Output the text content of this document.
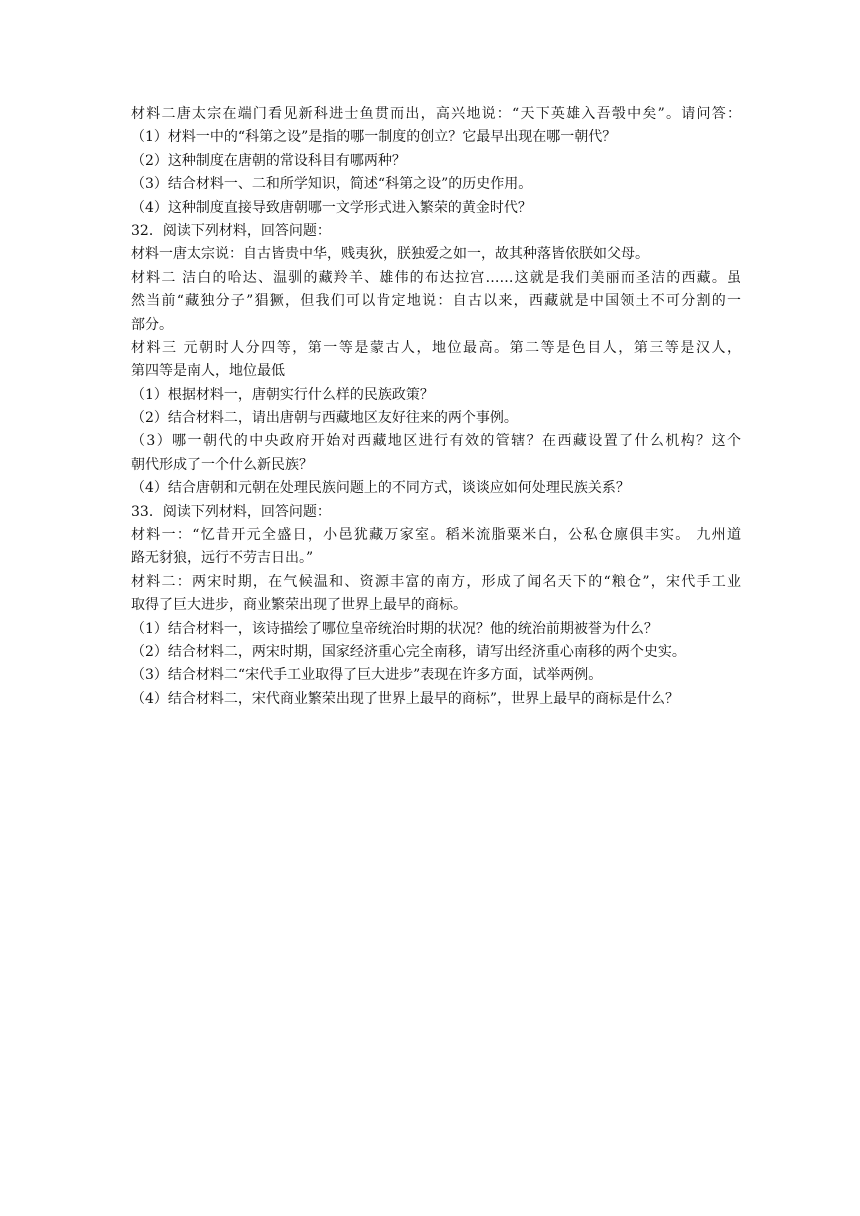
材料二唐太宗在端门看见新科进士鱼贯而出，高兴地说：“天下英雄入吾彀中矣”。请问答：
（1）材料一中的“科第之设”是指的哪一制度的创立？它最早出现在哪一朝代？
（2）这种制度在唐朝的常设科目有哪两种？
（3）结合材料一、二和所学知识，简述“科第之设”的历史作用。
（4）这种制度直接导致唐朝哪一文学形式进入繁荣的黄金时代？
32．阅读下列材料，回答问题：
材料一唐太宗说：自古皆贵中华，贱夷狄，朕独爱之如一，故其种落皆依朕如父母。
材料二 洁白的哈达、温驯的藏羚羊、雄伟的布达拉宫……这就是我们美丽而圣洁的西藏。虽
然当前“藏独分子”猖獗，但我们可以肯定地说：自古以来，西藏就是中国领土不可分割的一
部分。
材料三 元朝时人分四等，第一等是蒙古人，地位最高。第二等是色目人，第三等是汉人，
第四等是南人，地位最低
（1）根据材料一，唐朝实行什么样的民族政策？
（2）结合材料二，请出唐朝与西藏地区友好往来的两个事例。
（3）哪一朝代的中央政府开始对西藏地区进行有效的管辖？在西藏设置了什么机构？这个
朝代形成了一个什么新民族？
（4）结合唐朝和元朝在处理民族问题上的不同方式，谈谈应如何处理民族关系？
33．阅读下列材料，回答问题：
材料一：“忆昔开元全盛日，小邑犹藏万家室。稻米流脂粟米白，公私仓廪俱丰实。 九州道
路无豺狼，远行不劳吉日出。”
材料二：两宋时期，在气候温和、资源丰富的南方，形成了闻名天下的“粮仓”，宋代手工业
取得了巨大进步，商业繁荣出现了世界上最早的商标。
（1）结合材料一，该诗描绘了哪位皇帝统治时期的状况？他的统治前期被誉为什么？
（2）结合材料二，两宋时期，国家经济重心完全南移，请写出经济重心南移的两个史实。
（3）结合材料二“宋代手工业取得了巨大进步”表现在许多方面，试举两例。
（4）结合材料二，宋代商业繁荣出现了世界上最早的商标”，世界上最早的商标是什么？
